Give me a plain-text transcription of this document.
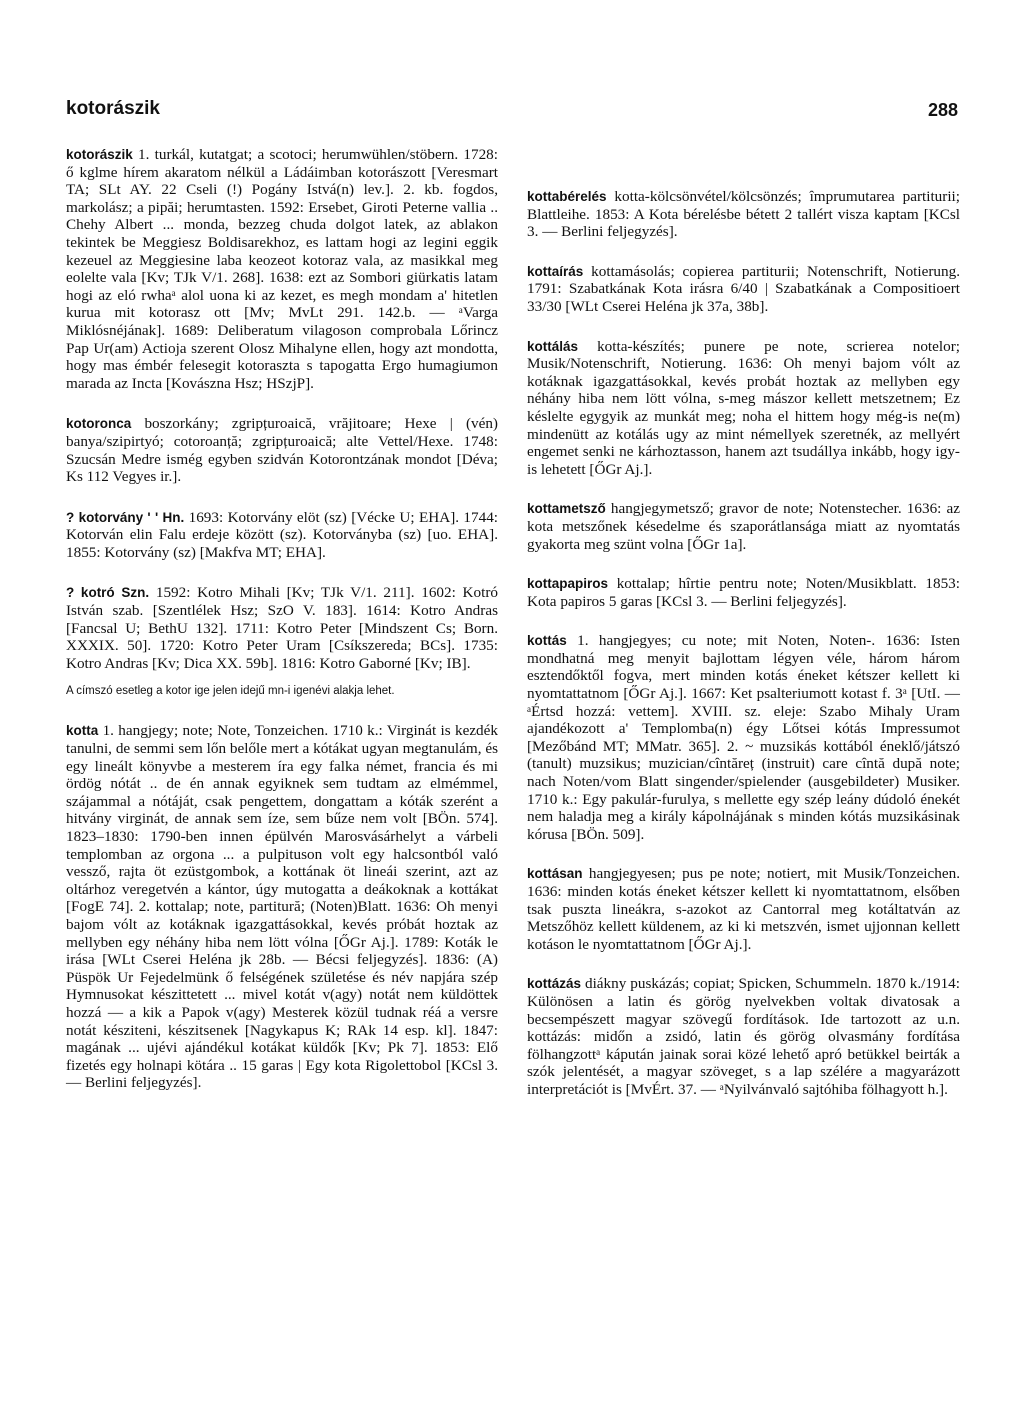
kotorászik	288

kotorászik 1. turkál, kutatgat; a scotoci; herumwühlen/stöbern. 1728: ő kglme hírem akaratom nélkül a Ládáimban kotorászott [Veresmart TA; SLt AY. 22 Cseli (!) Pogány Istvá(n) lev.]. 2. kb. fogdos, markolász; a pipăi; herumtasten. 1592: Ersebet, Giroti Peterne vallia .. Chehy Albert ... monda, bezzeg chuda dolgot latek, az ablakon tekintek be Meggiesz Boldisarekhoz, es lattam hogi az legini eggik kezeuel az Meggiesine laba keozeot kotoraz vala, az masikkal meg eolelte vala [Kv; TJk V/1. 268]. 1638: ezt az Sombori giürkatis latam hogi az eló rwhaᵃ alol uona ki az kezet, es megh mondam a' hitetlen kurua mit kotorasz ott [Mv; MvLt 291. 142.b. — ᵃVarga Miklósnéjának]. 1689: Deliberatum vilagoson comprobala Lőrincz Pap Ur(am) Actioja szerent Olosz Mihalyne ellen, hogy azt mondotta, hogy mas émbér felesegit kotoraszta s tapogatta Ergo humagiumon marada az Incta [Kovászna Hsz; HSzjP].

kotoronca boszorkány; zgripțuroaică, vrăjitoare; Hexe | (vén) banya/szipirtyó; cotoroanță; zgripțuroaică; alte Vettel/Hexe. 1748: Szucsán Medre ismég egyben szidván Kotorontzának mondot [Déva; Ks 112 Vegyes ir.].

? kotorvány ' ' Hn. 1693: Kotorvány elöt (sz) [Vécke U; EHA]. 1744: Kotorván elin Falu erdeje között (sz). Kotorványba (sz) [uo. EHA]. 1855: Kotorvány (sz) [Makfva MT; EHA].

? kotró Szn. 1592: Kotro Mihali [Kv; TJk V/1. 211]. 1602: Kotró István szab. [Szentlélek Hsz; SzO V. 183]. 1614: Kotro Andras [Fancsal U; BethU 132]. 1711: Kotro Peter [Mindszent Cs; Born. XXXIX. 50]. 1720: Kotro Peter Uram [Csíkszereda; BCs]. 1735: Kotro Andras [Kv; Dica XX. 59b]. 1816: Kotro Gaborné [Kv; IB].

A címszó esetleg a kotor ige jelen idejű mn-i igenévi alakja lehet.

kotta 1. hangjegy; note; Note, Tonzeichen. 1710 k.: Virginát is kezdék tanulni, de semmi sem lőn belőle mert a kótákat ugyan megtanulám, és egy lineált könyvbe a mesterem íra egy falka német, francia és mi ördög nótát .. de én annak egyiknek sem tudtam az elmémmel, szájammal a nótáját, csak pengettem, dongattam a kóták szerént a hitvány virginát, de annak sem íze, sem bűze nem volt [BÖn. 574]. 1823–1830: 1790-ben innen épülvén Marosvásárhelyt a várbeli templomban az orgona ... a pulpituson volt egy halcsontból való vessző, rajta öt ezüstgombok, a kottának öt lineái szerint, azt az oltárhoz veregetvén a kántor, úgy mutogatta a deákoknak a kottákat [FogE 74]. 2. kottalap; note, partitură; (Noten)Blatt. 1636: Oh menyi bajom vólt az kotáknak igazgattásokkal, kevés próbát hoztak az mellyben egy néhány hiba nem lött vólna [ŐGr Aj.]. 1789: Koták le irása [WLt Cserei Heléna jk 28b. — Bécsi feljegyzés]. 1836: (A) Püspök Ur Fejedelmünk ő felségének születése és név napjára szép Hymnusokat készittetett ... mivel kotát v(agy) notát nem küldöttek hozzá — a kik a Papok v(agy) Mesterek közül tudnak réá a versre notát késziteni, készitsenek [Nagykapus K; RAk 14 esp. kl]. 1847: magának ... ujévi ajándékul kotákat küldők [Kv; Pk 7]. 1853: Elő fizetés egy holnapi kötára .. 15 garas | Egy kota Rigolettobol [KCsl 3. — Berlini feljegyzés].

kottabérelés kotta-kölcsönvétel/kölcsönzés; împrumutarea partiturii; Blattleihe. 1853: A Kota bérelésbe bétett 2 tallért visza kaptam [KCsl 3. — Berlini feljegyzés].

kottaírás kottamásolás; copierea partiturii; Notenschrift, Notierung. 1791: Szabatkának Kota irásra 6/40 | Szabatkának a Compositioert 33/30 [WLt Cserei Heléna jk 37a, 38b].

kottálás kotta-készítés; punere pe note, scrierea notelor; Musik/Notenschrift, Notierung. 1636: Oh menyi bajom vólt az kotáknak igazgattásokkal, kevés probát hoztak az mellyben egy néhány hiba nem lött vólna, s-meg mászor kellett metszetnem; Ez késlelte egygyik az munkát meg; noha el hittem hogy még-is ne(m) mindenütt az kotálás ugy az mint némellyek szeretnék, az mellyért engemet senki ne kárhoztasson, hanem azt tsudállya inkább, hogy igy-is lehetett [ŐGr Aj.].

kottametsző hangjegymetsző; gravor de note; Notenstecher. 1636: az kota metszőnek késedelme és szaporátlansága miatt az nyomtatás gyakorta meg szünt volna [ŐGr 1a].

kottapapiros kottalap; hîrtie pentru note; Noten/Musikblatt. 1853: Kota papiros 5 garas [KCsl 3. — Berlini feljegyzés].

kottás 1. hangjegyes; cu note; mit Noten, Noten-. 1636: Isten mondhatná meg menyit bajlottam légyen véle, három három esztendőktől fogva, mert minden kotás éneket kétszer kellett ki nyomtattatnom [ŐGr Aj.]. 1667: Ket psalteriumott kotast f. 3ᵃ [UtI. — ᵃÉrtsd hozzá: vettem]. XVIII. sz. eleje: Szabo Mihaly Uram ajandékozott a' Templomba(n) égy Lőtsei kótás Impressumot [Mezőbánd MT; MMatr. 365]. 2. ~ muzsikás kottából éneklő/játszó (tanult) muzsikus; muzician/cîntăreț (instruit) care cîntă după note; nach Noten/vom Blatt singender/spielender (ausgebildeter) Musiker. 1710 k.: Egy pakulár-furulya, s mellette egy szép leány dúdoló énekét nem haladja meg a király kápolnájának s minden kótás muzsikásinak kórusa [BÖn. 509].

kottásan hangjegyesen; pus pe note; notiert, mit Musik/Tonzeichen. 1636: minden kotás éneket kétszer kellett ki nyomtattatnom, elsőben tsak puszta lineákra, s-azokot az Cantorral meg kotáltatván az Metszőhöz kellett küldenem, az ki ki metszvén, ismet ujjonnan kellett kotáson le nyomtattatnom [ŐGr Aj.].

kottázás diákny puskázás; copiat; Spicken, Schummeln. 1870 k./1914: Különösen a latin és görög nyelvekben voltak divatosak a becsempészett magyar szövegű fordítások. Ide tartozott az u.n. kottázás: midőn a zsidó, latin és görög olvasmány fordítása fölhangzottᵃ kápután jainak sorai közé lehető apró betükkel beirták a szók jelentését, a magyar szöveget, s a lap szélére a magyarázott interpretációt is [MvÉrt. 37. — ᵃNyilvánvaló sajtóhiba fölhagyott h.].
